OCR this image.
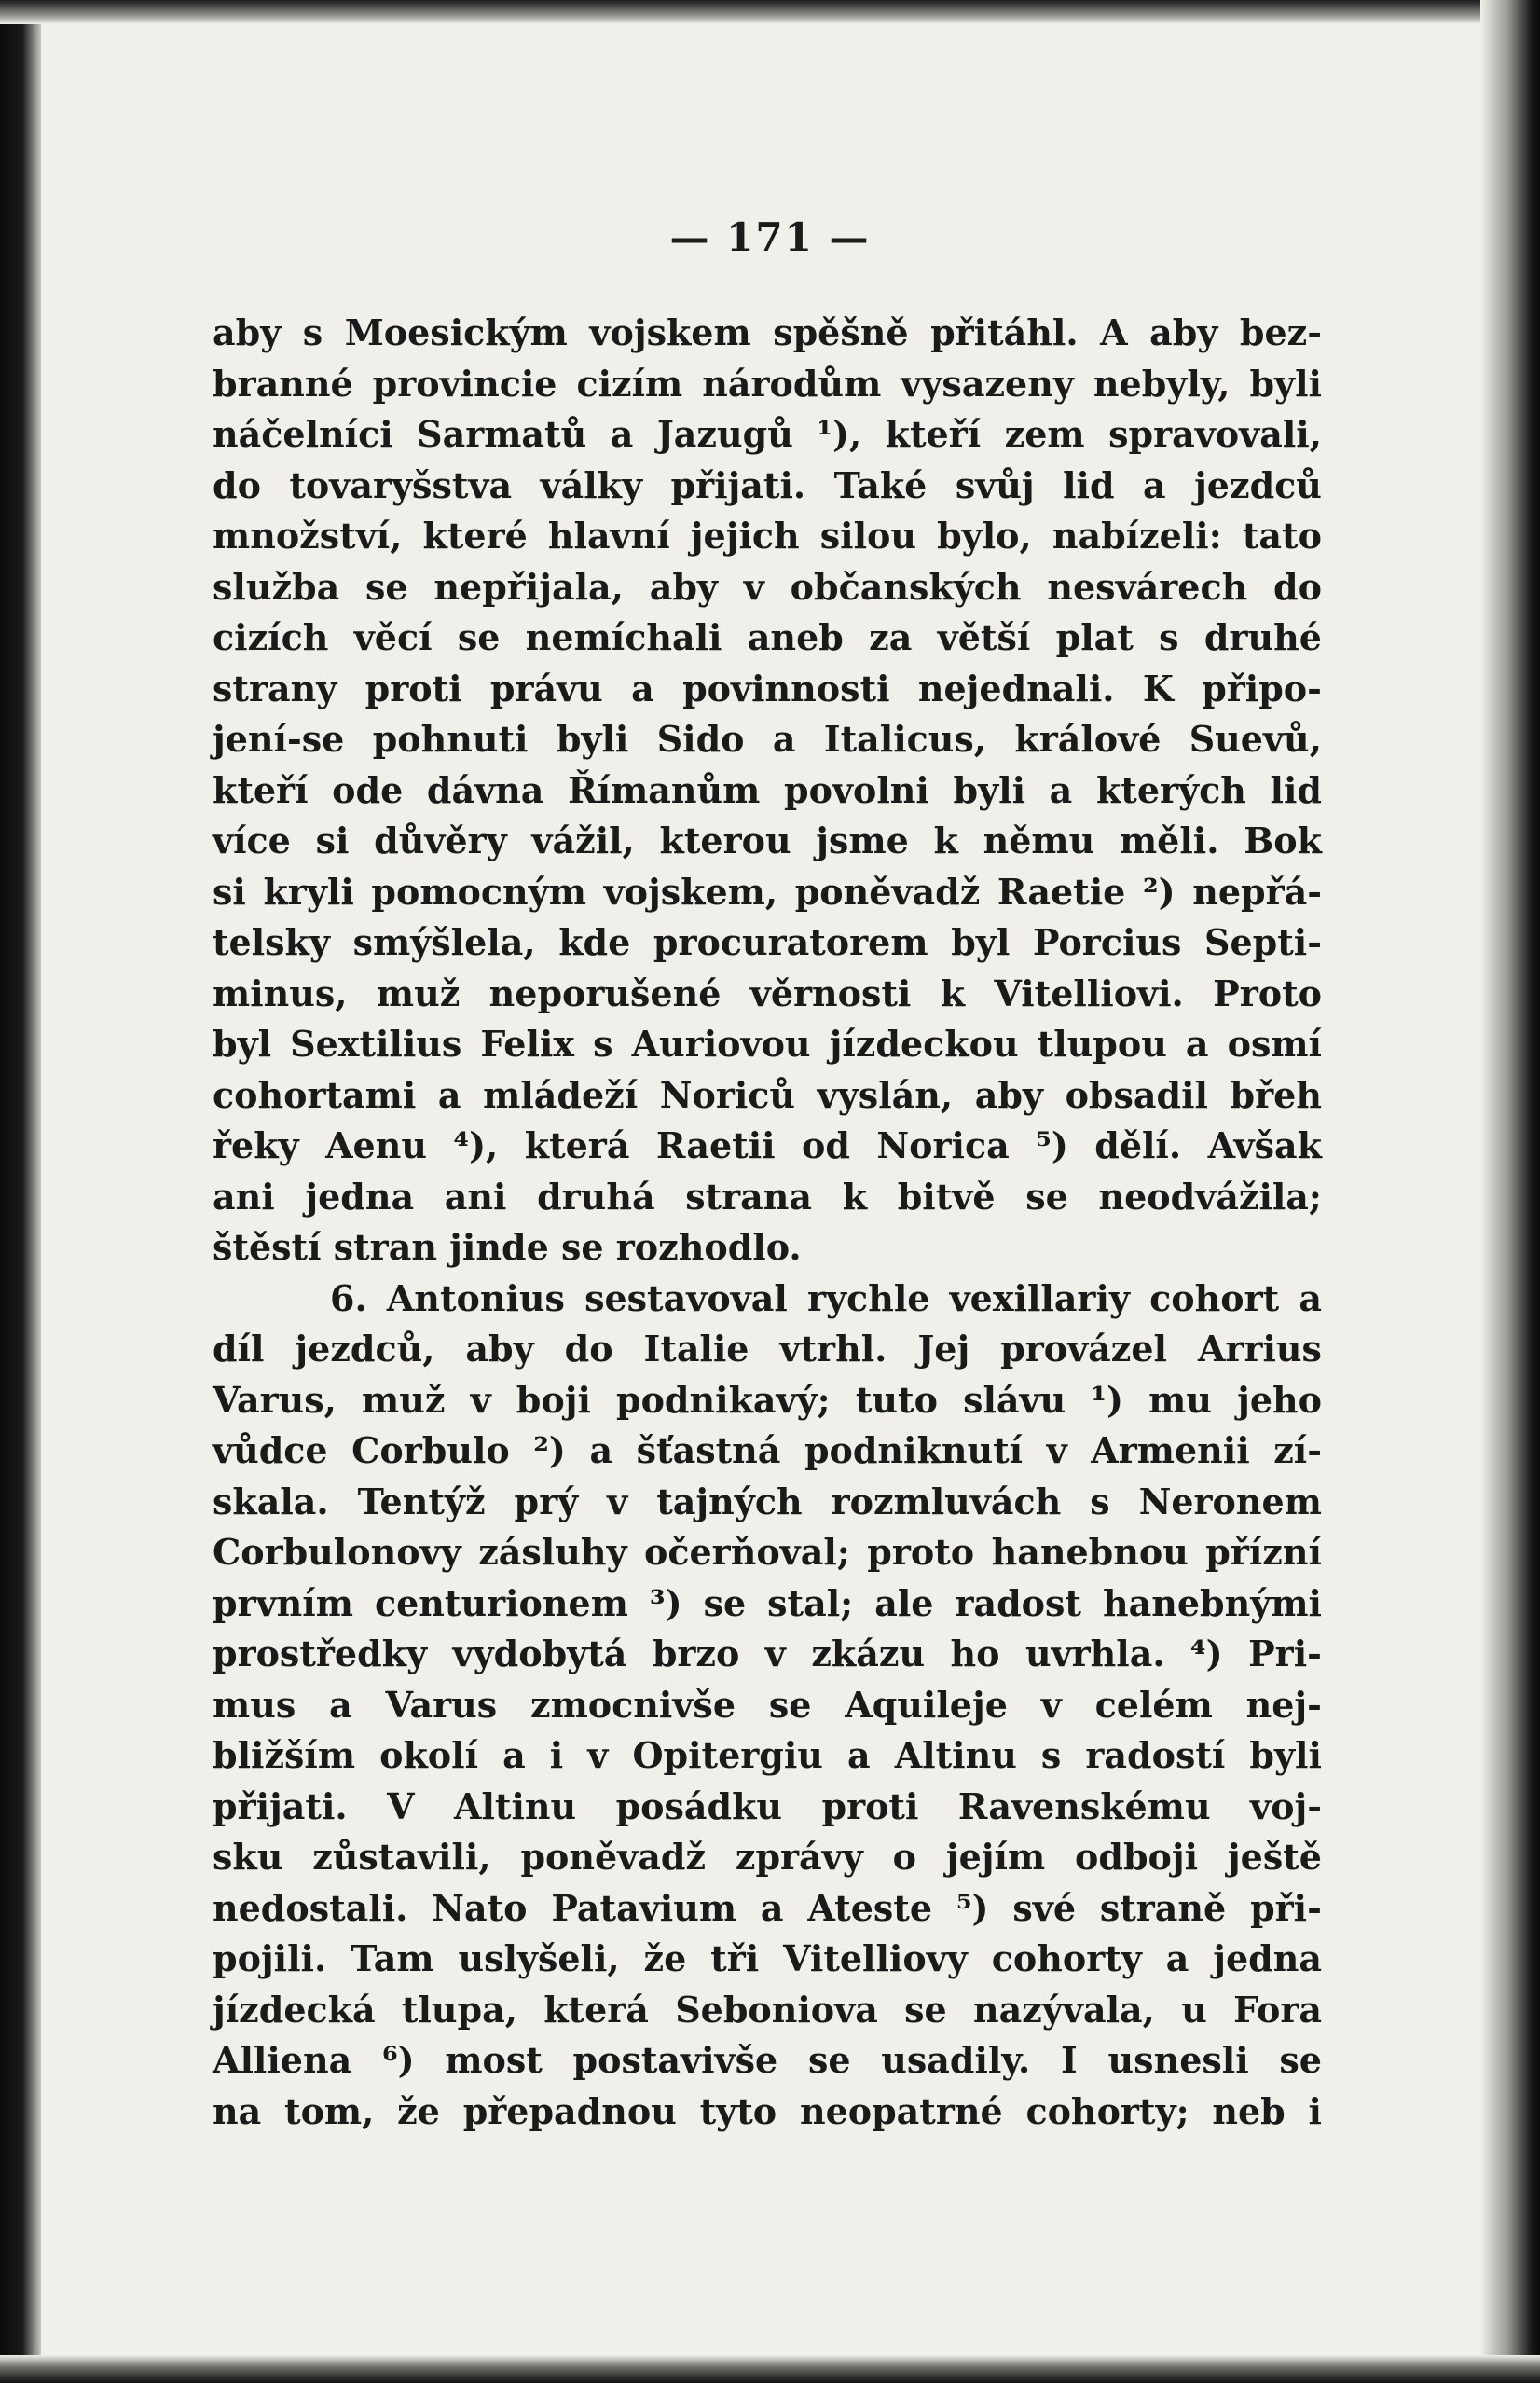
— 171 —
aby s Moesickým vojskem spěšně přitáhl. A aby bez-
branné provincie cizím národům vysazeny nebyly, byli
náčelníci Sarmatů a Jazugů ¹), kteří zem spravovali,
do tovaryšstva války přijati. Také svůj lid a jezdců
množství, které hlavní jejich silou bylo, nabízeli: tato
služba se nepřijala, aby v občanských nesvárech do
cizích věcí se nemíchali aneb za větší plat s druhé
strany proti právu a povinnosti nejednali. K připo-
jení-se pohnuti byli Sido a Italicus, králové Suevů,
kteří ode dávna Římanům povolni byli a kterých lid
více si důvěry vážil, kterou jsme k němu měli. Bok
si kryli pomocným vojskem, poněvadž Raetie ²) nepřá-
telsky smýšlela, kde procuratorem byl Porcius Septi-
minus, muž neporušené věrnosti k Vitelliovi. Proto
byl Sextilius Felix s Auriovou jízdeckou tlupou a osmí
cohortami a mládeží Noriců vyslán, aby obsadil břeh
řeky Aenu ⁴), která Raetii od Norica ⁵) dělí. Avšak
ani jedna ani druhá strana k bitvě se neodvážila;
štěstí stran jinde se rozhodlo.
6. Antonius sestavoval rychle vexillariy cohort a
díl jezdců, aby do Italie vtrhl. Jej provázel Arrius
Varus, muž v boji podnikavý; tuto slávu ¹) mu jeho
vůdce Corbulo ²) a šťastná podniknutí v Armenii zí-
skala. Tentýž prý v tajných rozmluvách s Neronem
Corbulonovy zásluhy očerňoval; proto hanebnou přízní
prvním centurionem ³) se stal; ale radost hanebnými
prostředky vydobytá brzo v zkázu ho uvrhla. ⁴) Pri-
mus a Varus zmocnivše se Aquileje v celém nej-
bližším okolí a i v Opitergiu a Altinu s radostí byli
přijati. V Altinu posádku proti Ravenskému voj-
sku zůstavili, poněvadž zprávy o jejím odboji ještě
nedostali. Nato Patavium a Ateste ⁵) své straně při-
pojili. Tam uslyšeli, že tři Vitelliovy cohorty a jedna
jízdecká tlupa, která Seboniova se nazývala, u Fora
Alliena ⁶) most postavivše se usadily. I usnesli se
na tom, že přepadnou tyto neopatrné cohorty; neb i
